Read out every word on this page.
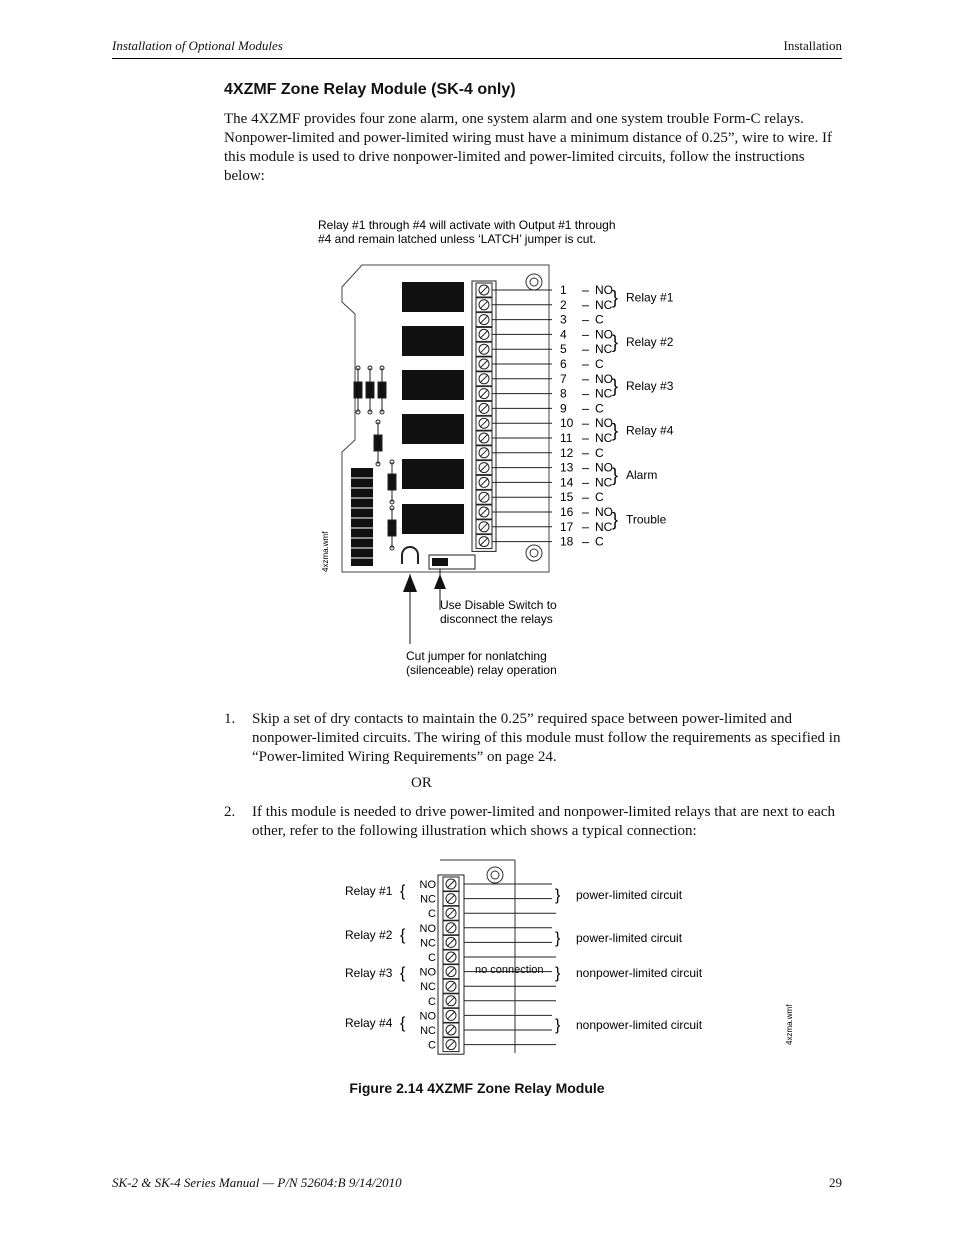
Installation of Optional Modules	Installation
4XZMF Zone Relay Module (SK-4 only)
The 4XZMF provides four zone alarm, one system alarm and one system trouble Form-C relays. Nonpower-limited and power-limited wiring must have a minimum distance of 0.25”, wire to wire. If this module is used to drive nonpower-limited and power-limited circuits, follow the instructions below:
Relay #1 through #4 will activate with Output #1 through
#4 and remain latched unless ‘LATCH’ jumper is cut.
4xzma.wmf
1 NO
2 NC
3 C
4 NO
5 NC
6 C
7 NO
8 NC
9 C
10 NO
11 NC
12 C
13 NO
14 NC
15 C
16 NO
17 NC
18 C
} Relay #1
} Relay #2
} Relay #3
} Relay #4
} Alarm
} Trouble
Use Disable Switch to
disconnect the relays
Cut jumper for nonlatching
(silenceable) relay operation
1. Skip a set of dry contacts to maintain the 0.25” required space between power-limited and nonpower-limited circuits. The wiring of this module must follow the requirements as specified in “Power-limited Wiring Requirements” on page 24.
OR
2. If this module is needed to drive power-limited and nonpower-limited relays that are next to each other, refer to the following illustration which shows a typical connection:
NO
NC
C
NO
NC
C
NO
NC
C
NO
NC
C
Relay #1 {	} power-limited circuit
Relay #2 {	} power-limited circuit
Relay #3 {	} nonpower-limited circuit
Relay #4 {	} nonpower-limited circuit
no connection
4xzma.wmf
Figure 2.14 4XZMF Zone Relay Module
SK-2 & SK-4 Series Manual — P/N 52604:B 9/14/2010	29
